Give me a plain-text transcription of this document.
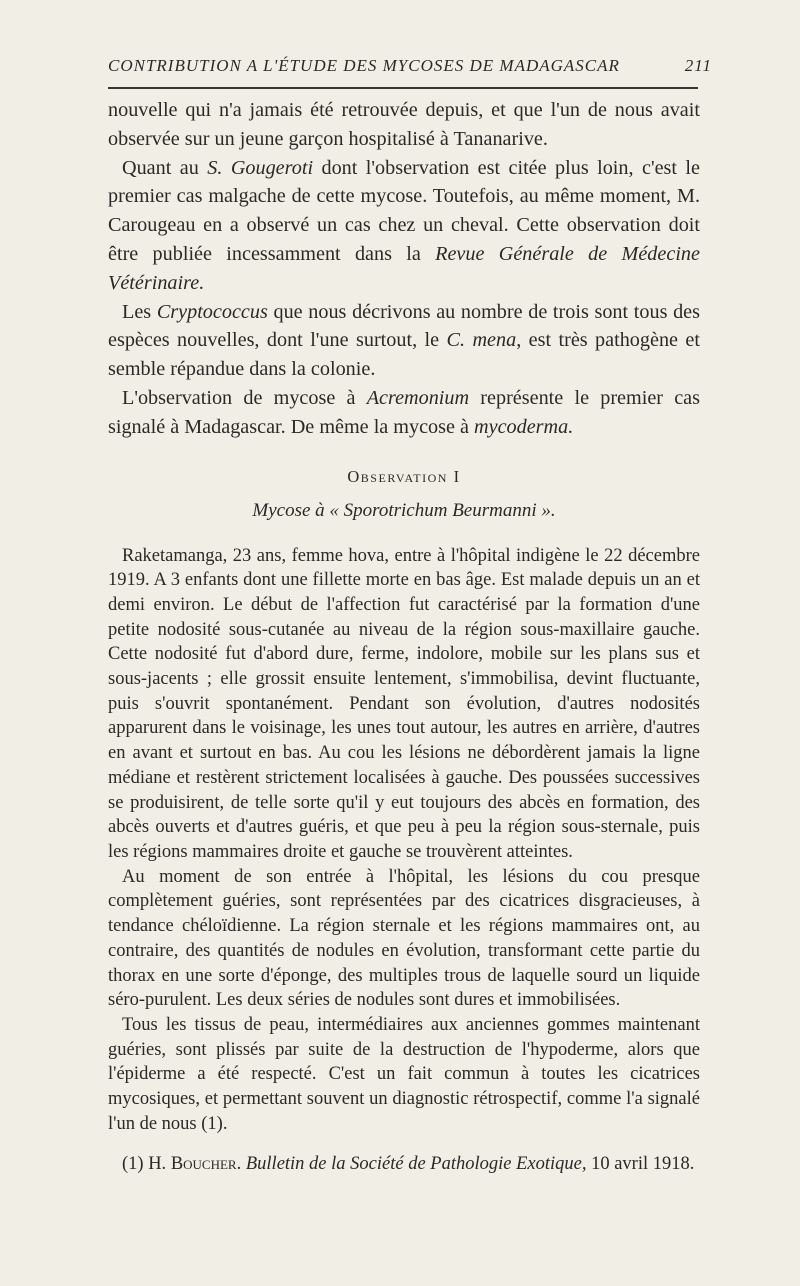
CONTRIBUTION A L'ÉTUDE DES MYCOSES DE MADAGASCAR	211

nouvelle qui n'a jamais été retrouvée depuis, et que l'un de nous avait observée sur un jeune garçon hospitalisé à Tananarive.

Quant au S. Gougeroti dont l'observation est citée plus loin, c'est le premier cas malgache de cette mycose. Toutefois, au même moment, M. Carougeau en a observé un cas chez un cheval. Cette observation doit être publiée incessamment dans la Revue Générale de Médecine Vétérinaire.

Les Cryptococcus que nous décrivons au nombre de trois sont tous des espèces nouvelles, dont l'une surtout, le C. mena, est très pathogène et semble répandue dans la colonie.

L'observation de mycose à Acremonium représente le premier cas signalé à Madagascar. De même la mycose à mycoderma.

Observation I
Mycose à « Sporotrichum Beurmanni ».

Raketamanga, 23 ans, femme hova, entre à l'hôpital indigène le 22 décembre 1919. A 3 enfants dont une fillette morte en bas âge. Est malade depuis un an et demi environ. Le début de l'affection fut caractérisé par la formation d'une petite nodosité sous-cutanée au niveau de la région sous-maxillaire gauche. Cette nodosité fut d'abord dure, ferme, indolore, mobile sur les plans sus et sous-jacents ; elle grossit ensuite lentement, s'immobilisa, devint fluctuante, puis s'ouvrit spontanément. Pendant son évolution, d'autres nodosités apparurent dans le voisinage, les unes tout autour, les autres en arrière, d'autres en avant et surtout en bas. Au cou les lésions ne débordèrent jamais la ligne médiane et restèrent strictement localisées à gauche. Des poussées successives se produisirent, de telle sorte qu'il y eut toujours des abcès en formation, des abcès ouverts et d'autres guéris, et que peu à peu la région sous-sternale, puis les régions mammaires droite et gauche se trouvèrent atteintes.

Au moment de son entrée à l'hôpital, les lésions du cou presque complètement guéries, sont représentées par des cicatrices disgracieuses, à tendance chéloïdienne. La région sternale et les régions mammaires ont, au contraire, des quantités de nodules en évolution, transformant cette partie du thorax en une sorte d'éponge, des multiples trous de laquelle sourd un liquide séro-purulent. Les deux séries de nodules sont dures et immobilisées.

Tous les tissus de peau, intermédiaires aux anciennes gommes maintenant guéries, sont plissés par suite de la destruction de l'hypoderme, alors que l'épiderme a été respecté. C'est un fait commun à toutes les cicatrices mycosiques, et permettant souvent un diagnostic rétrospectif, comme l'a signalé l'un de nous (1).

(1) H. Boucher. Bulletin de la Société de Pathologie Exotique, 10 avril 1918.
